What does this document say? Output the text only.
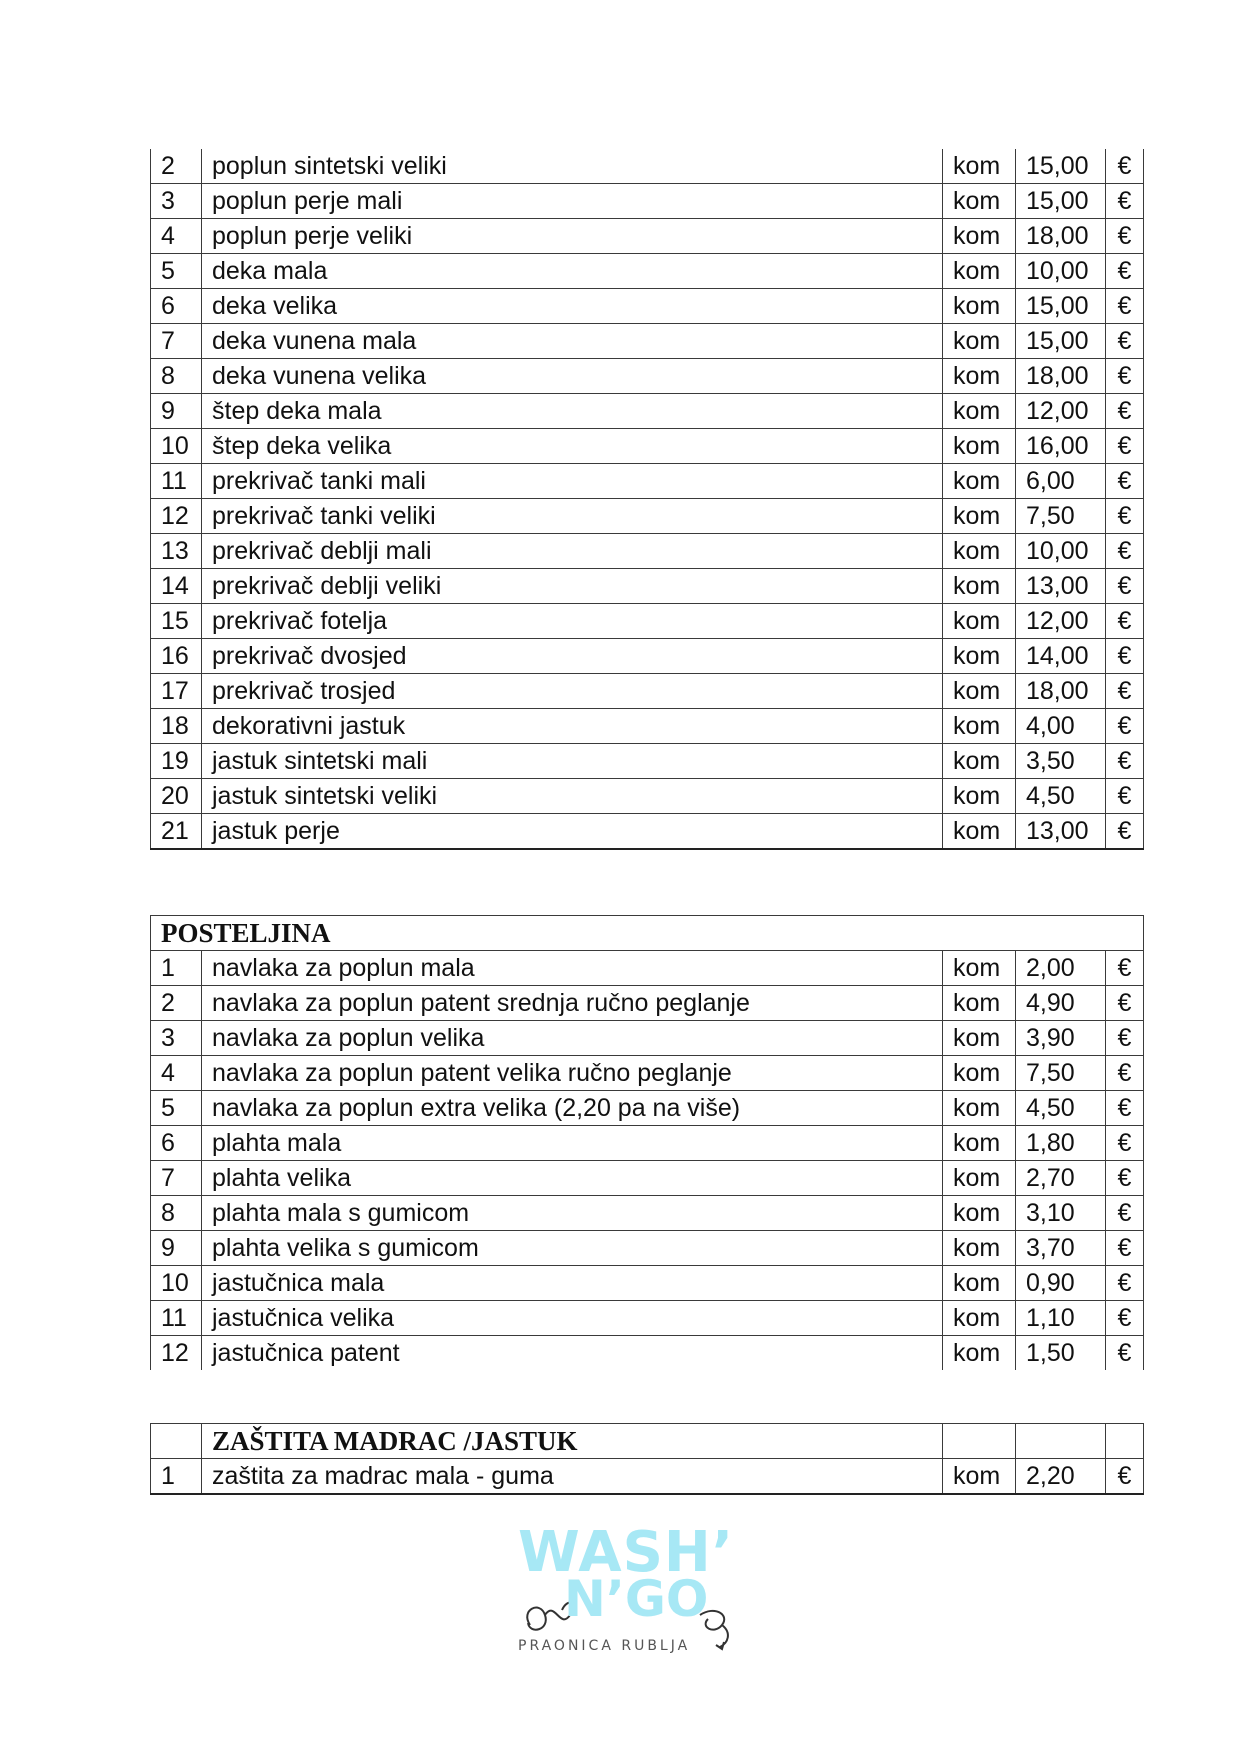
2	poplun sintetski veliki	kom	15,00	€
3	poplun perje mali	kom	15,00	€
4	poplun perje veliki	kom	18,00	€
5	deka mala	kom	10,00	€
6	deka velika	kom	15,00	€
7	deka vunena mala	kom	15,00	€
8	deka vunena velika	kom	18,00	€
9	štep deka mala	kom	12,00	€
10	štep deka velika	kom	16,00	€
11	prekrivač tanki mali	kom	6,00	€
12	prekrivač tanki veliki	kom	7,50	€
13	prekrivač deblji mali	kom	10,00	€
14	prekrivač deblji veliki	kom	13,00	€
15	prekrivač fotelja	kom	12,00	€
16	prekrivač dvosjed	kom	14,00	€
17	prekrivač trosjed	kom	18,00	€
18	dekorativni jastuk	kom	4,00	€
19	jastuk sintetski mali	kom	3,50	€
20	jastuk sintetski veliki	kom	4,50	€
21	jastuk perje	kom	13,00	€
POSTELJINA				
1	navlaka za poplun mala	kom	2,00	€
2	navlaka za poplun patent srednja ručno peglanje	kom	4,90	€
3	navlaka za poplun velika	kom	3,90	€
4	navlaka za poplun patent velika ručno peglanje	kom	7,50	€
5	navlaka za poplun extra velika (2,20 pa na više)	kom	4,50	€
6	plahta mala	kom	1,80	€
7	plahta velika	kom	2,70	€
8	plahta mala s gumicom	kom	3,10	€
9	plahta velika s gumicom	kom	3,70	€
10	jastučnica mala	kom	0,90	€
11	jastučnica velika	kom	1,10	€
12	jastučnica patent	kom	1,50	€
	ZAŠTITA MADRAC /JASTUK			
1	zaštita za madrac mala - guma	kom	2,20	€
WASH’
N’GO
PRAONICA RUBLJA
